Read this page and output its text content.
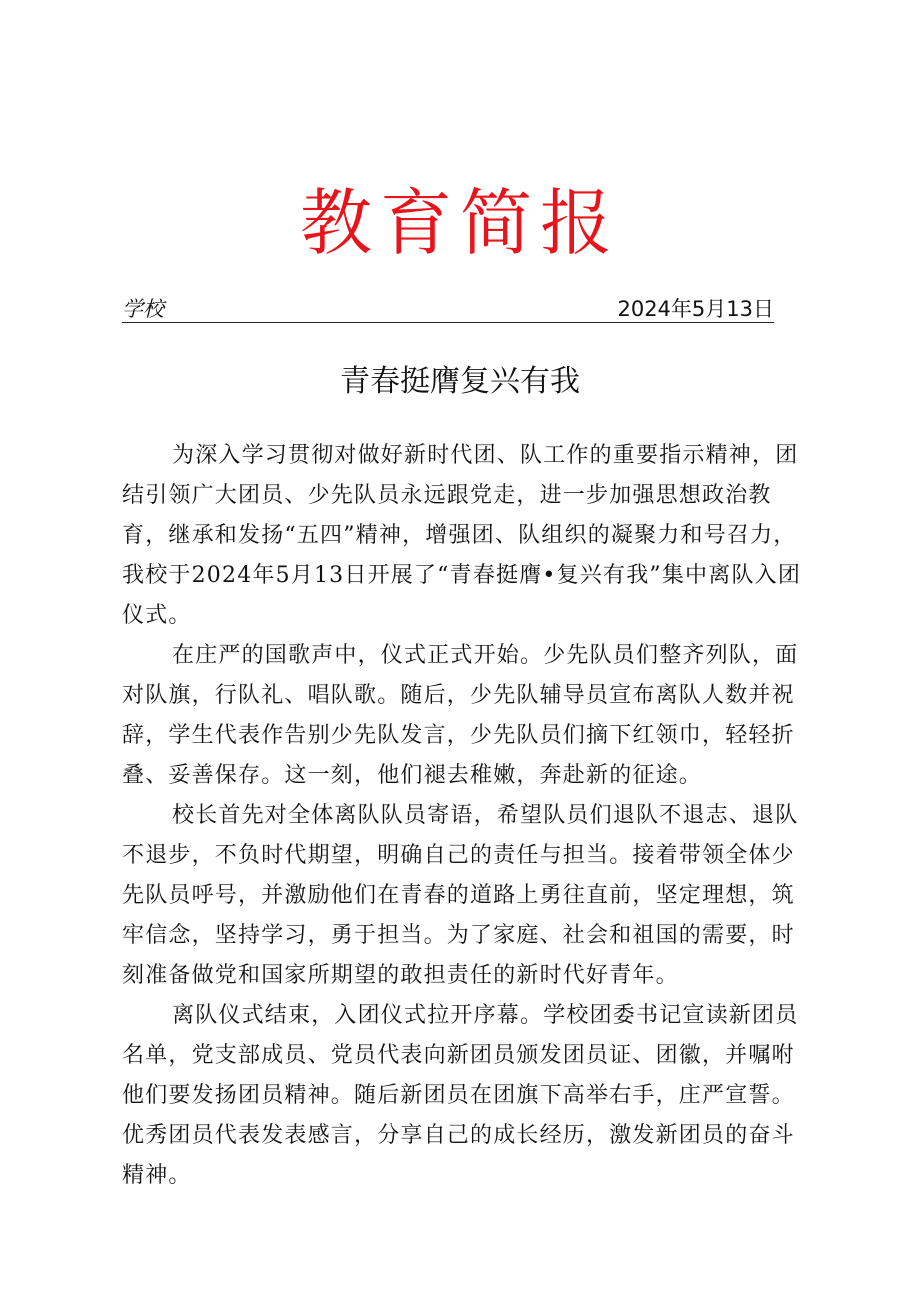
教育简报
学校	2024年5月13日
青春挺膺复兴有我

为深入学习贯彻对做好新时代团、队工作的重要指示精神，团结引领广大团员、少先队员永远跟党走，进一步加强思想政治教育，继承和发扬“五四”精神，增强团、队组织的凝聚力和号召力，我校于2024年5月13日开展了“青春挺膺•复兴有我”集中离队入团仪式。

在庄严的国歌声中，仪式正式开始。少先队员们整齐列队，面对队旗，行队礼、唱队歌。随后，少先队辅导员宣布离队人数并祝辞，学生代表作告别少先队发言，少先队员们摘下红领巾，轻轻折叠、妥善保存。这一刻，他们褪去稚嫩，奔赴新的征途。

校长首先对全体离队队员寄语，希望队员们退队不退志、退队不退步，不负时代期望，明确自己的责任与担当。接着带领全体少先队员呼号，并激励他们在青春的道路上勇往直前，坚定理想，筑牢信念，坚持学习，勇于担当。为了家庭、社会和祖国的需要，时刻准备做党和国家所期望的敢担责任的新时代好青年。

离队仪式结束，入团仪式拉开序幕。学校团委书记宣读新团员名单，党支部成员、党员代表向新团员颁发团员证、团徽，并嘱咐他们要发扬团员精神。随后新团员在团旗下高举右手，庄严宣誓。优秀团员代表发表感言，分享自己的成长经历，激发新团员的奋斗精神。
